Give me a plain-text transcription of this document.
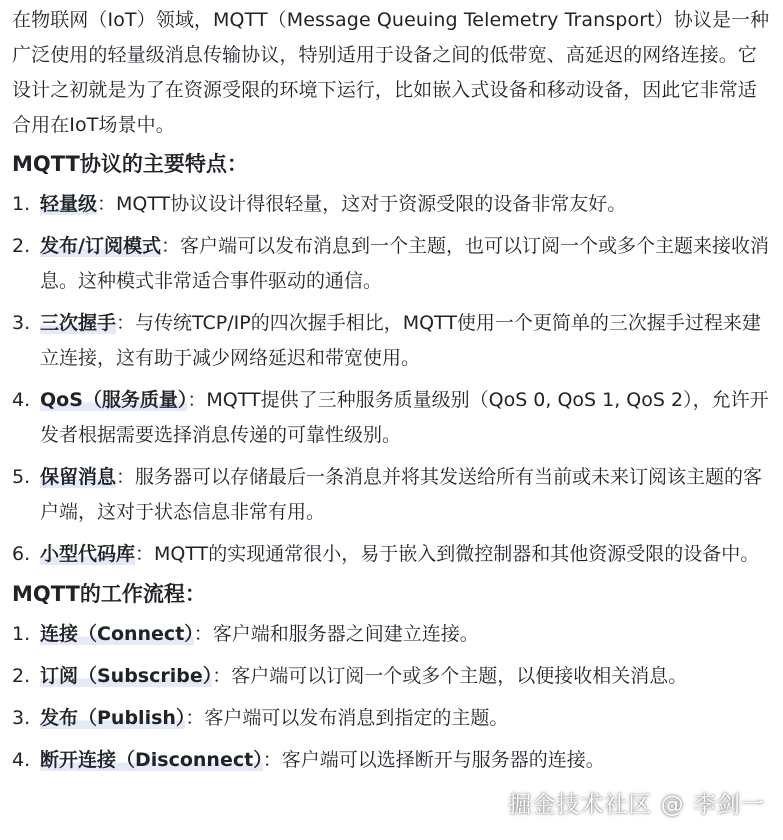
在物联网（IoT）领域，MQTT（Message Queuing Telemetry Transport）协议是一种广泛使用的轻量级消息传输协议，特别适用于设备之间的低带宽、高延迟的网络连接。它设计之初就是为了在资源受限的环境下运行，比如嵌入式设备和移动设备，因此它非常适合用在IoT场景中。

MQTT协议的主要特点：
1. 轻量级：MQTT协议设计得很轻量，这对于资源受限的设备非常友好。
2. 发布/订阅模式：客户端可以发布消息到一个主题，也可以订阅一个或多个主题来接收消息。这种模式非常适合事件驱动的通信。
3. 三次握手：与传统TCP/IP的四次握手相比，MQTT使用一个更简单的三次握手过程来建立连接，这有助于减少网络延迟和带宽使用。
4. QoS（服务质量）：MQTT提供了三种服务质量级别（QoS 0, QoS 1, QoS 2），允许开发者根据需要选择消息传递的可靠性级别。
5. 保留消息：服务器可以存储最后一条消息并将其发送给所有当前或未来订阅该主题的客户端，这对于状态信息非常有用。
6. 小型代码库：MQTT的实现通常很小，易于嵌入到微控制器和其他资源受限的设备中。
MQTT的工作流程：
1. 连接（Connect）：客户端和服务器之间建立连接。
2. 订阅（Subscribe）：客户端可以订阅一个或多个主题，以便接收相关消息。
3. 发布（Publish）：客户端可以发布消息到指定的主题。
4. 断开连接（Disconnect）：客户端可以选择断开与服务器的连接。
掘金技术社区 @ 李剑一
